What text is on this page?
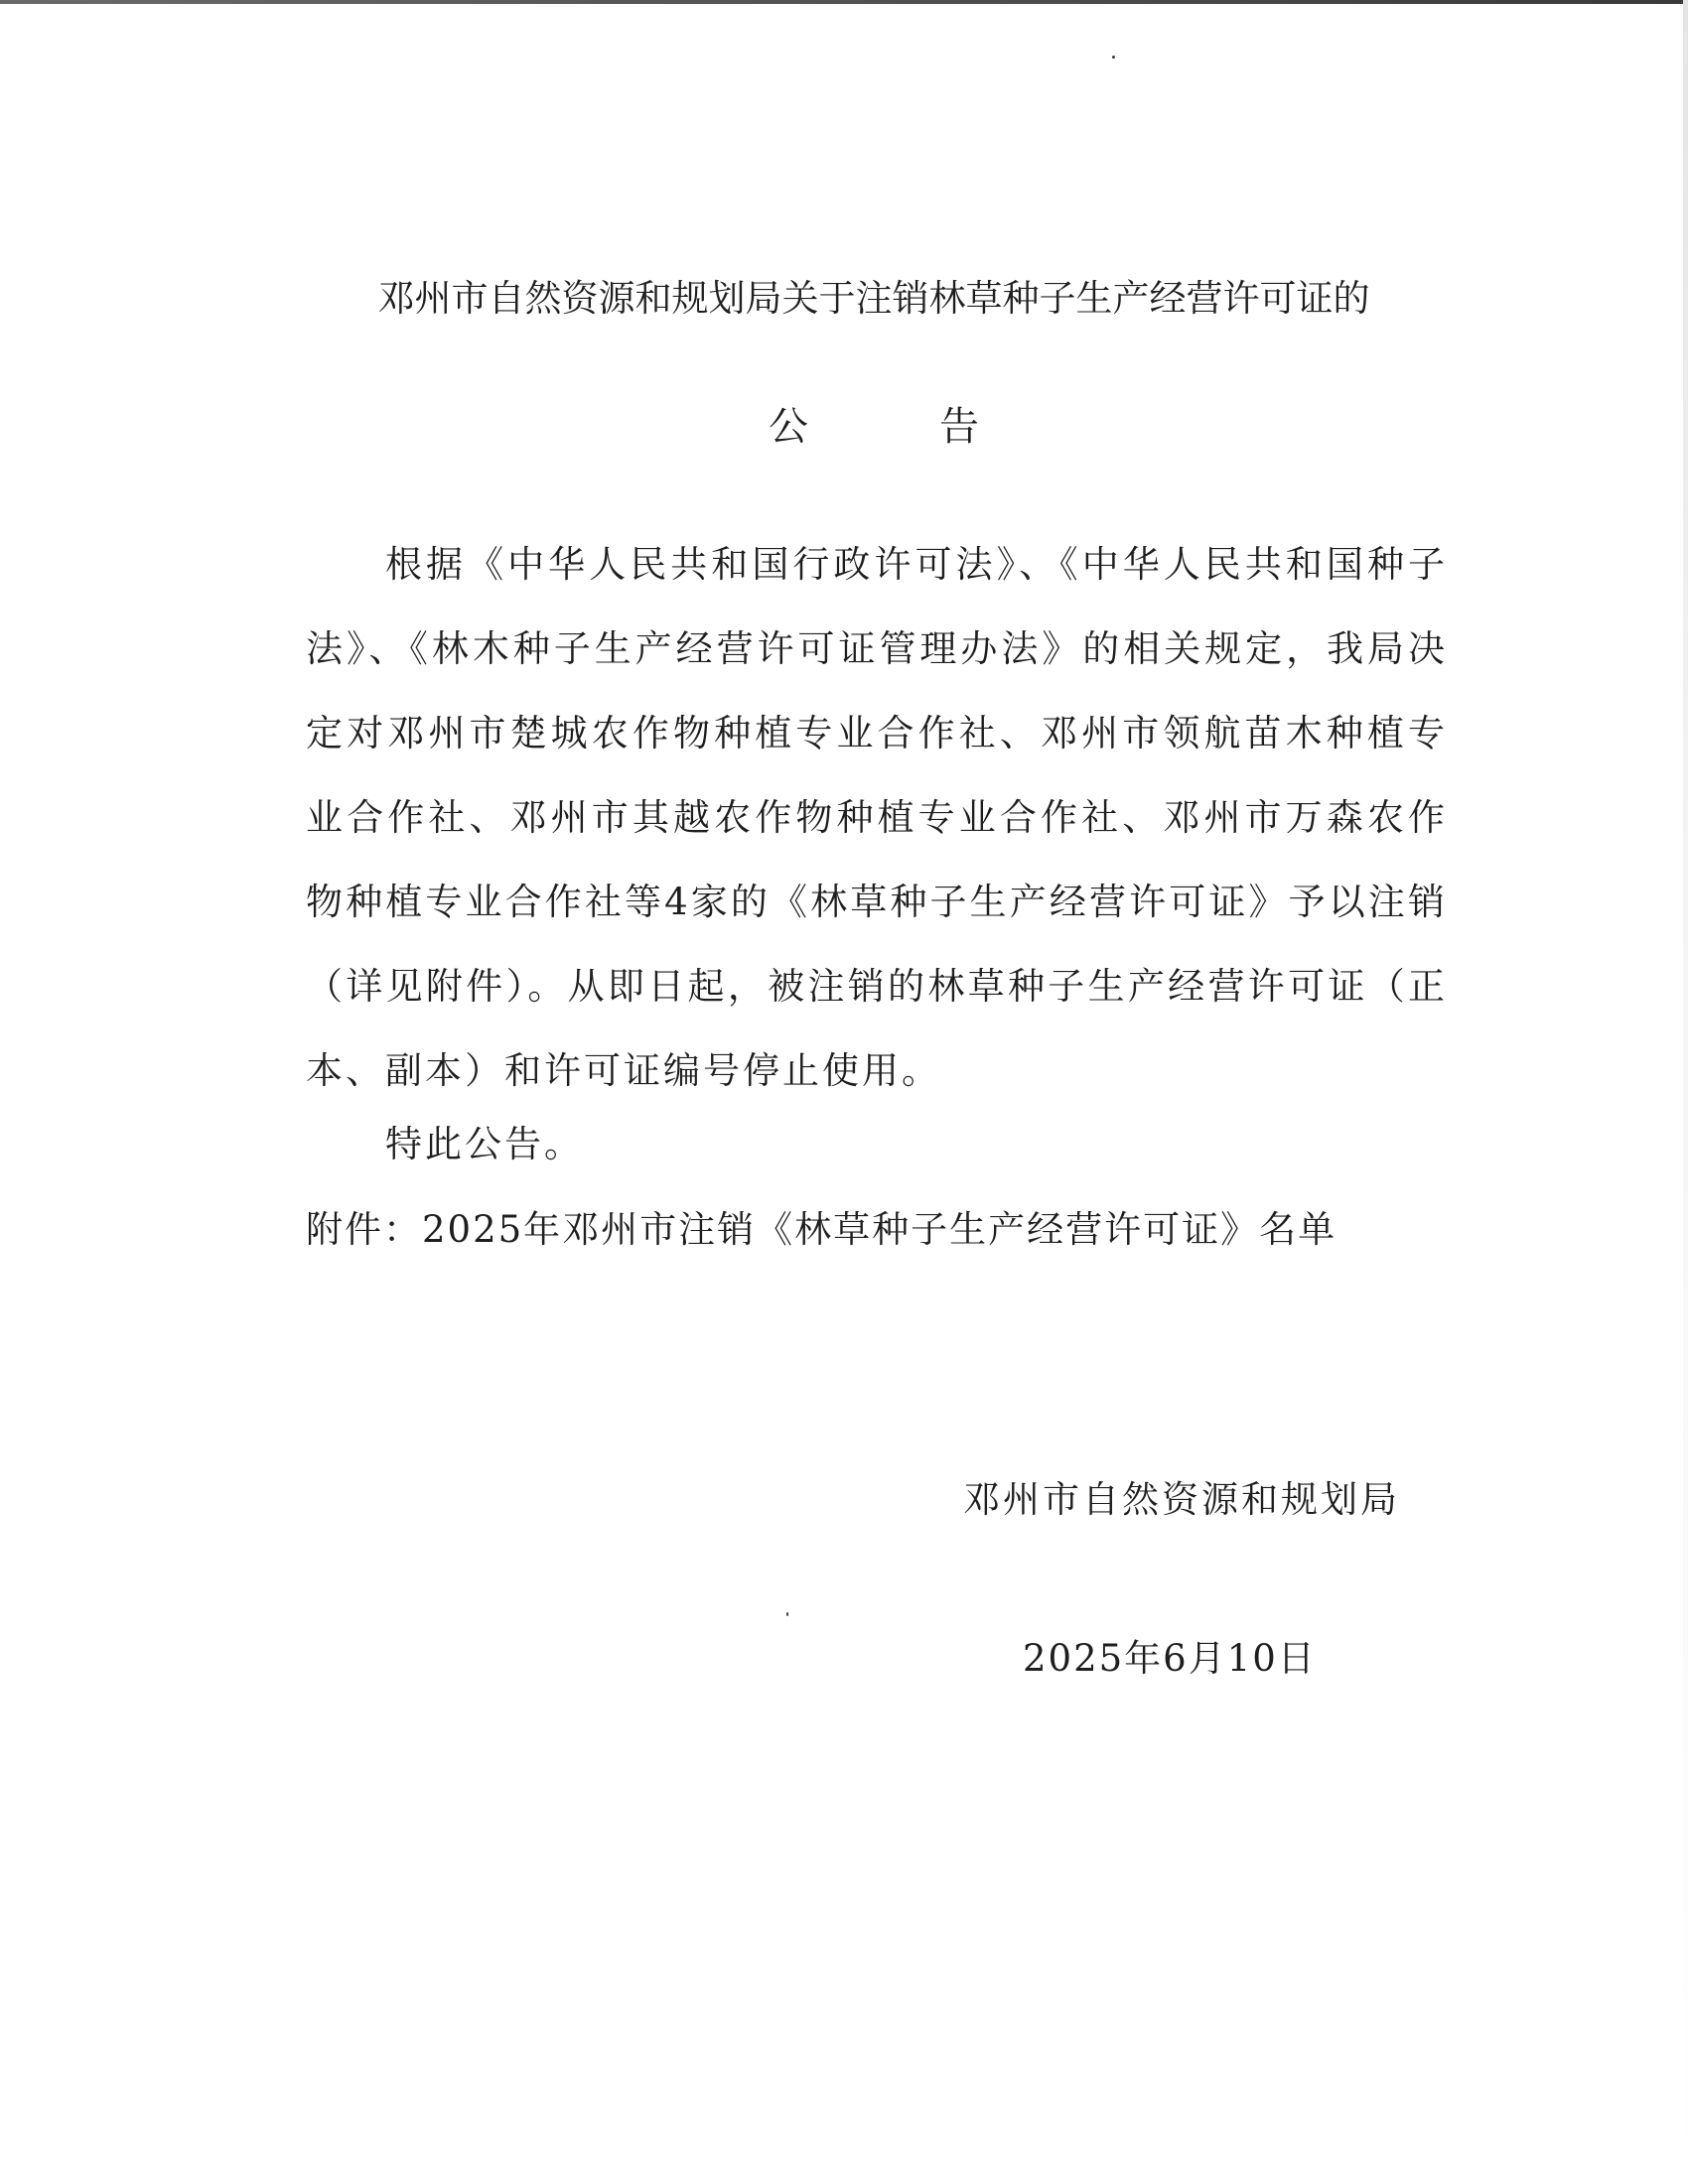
邓州市自然资源和规划局关于注销林草种子生产经营许可证的
公	告

根据《中华人民共和国行政许可法》、《中华人民共和国种子法》、《林木种子生产经营许可证管理办法》的相关规定，我局决定对邓州市楚城农作物种植专业合作社、邓州市领航苗木种植专业合作社、邓州市其越农作物种植专业合作社、邓州市万森农作物种植专业合作社等4家的《林草种子生产经营许可证》予以注销（详见附件）。从即日起，被注销的林草种子生产经营许可证（正本、副本）和许可证编号停止使用。

特此公告。

附件：2025年邓州市注销《林草种子生产经营许可证》名单

邓州市自然资源和规划局

2025年6月10日
